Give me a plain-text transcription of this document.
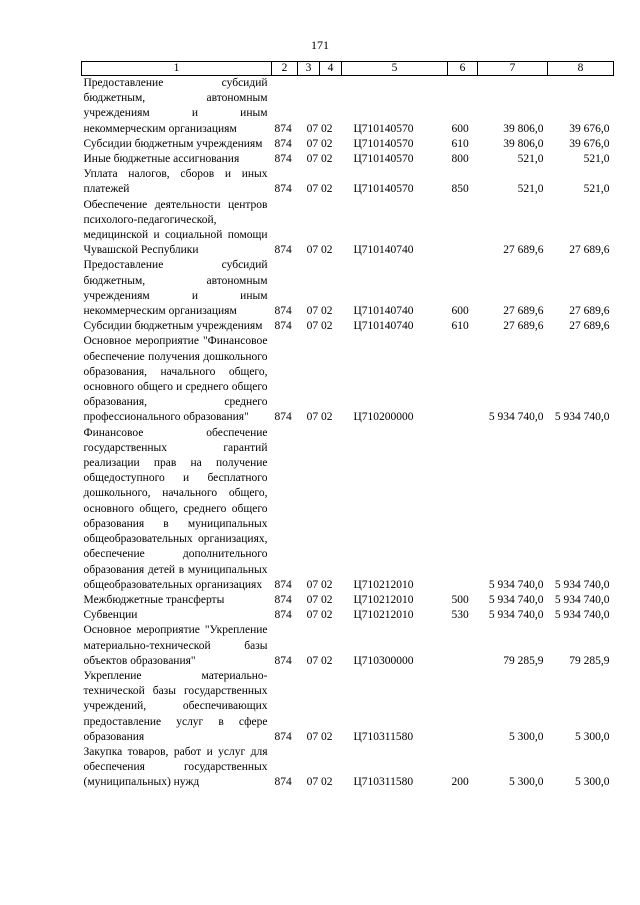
171
1	2	3	4	5	6	7	8
Предоставление субсидий бюджетным, автономным учреждениям и иным некоммерческим организациям	874	07 02		Ц710140570	600	39 806,0	39 676,0
Субсидии бюджетным учреждениям	874	07 02		Ц710140570	610	39 806,0	39 676,0
Иные бюджетные ассигнования	874	07 02		Ц710140570	800	521,0	521,0
Уплата налогов, сборов и иных платежей	874	07 02		Ц710140570	850	521,0	521,0
Обеспечение деятельности центров психолого-педагогической, медицинской и социальной помощи Чувашской Республики	874	07 02		Ц710140740		27 689,6	27 689,6
Предоставление субсидий бюджетным, автономным учреждениям и иным некоммерческим организациям	874	07 02		Ц710140740	600	27 689,6	27 689,6
Субсидии бюджетным учреждениям	874	07 02		Ц710140740	610	27 689,6	27 689,6
Основное мероприятие "Финансовое обеспечение получения дошкольного образования, начального общего, основного общего и среднего общего образования, среднего профессионального образования"	874	07 02		Ц710200000		5 934 740,0	5 934 740,0
Финансовое обеспечение государственных гарантий реализации прав на получение общедоступного и бесплатного дошкольного, начального общего, основного общего, среднего общего образования в муниципальных общеобразовательных организациях, обеспечение дополнительного образования детей в муниципальных общеобразовательных организациях	874	07 02		Ц710212010		5 934 740,0	5 934 740,0
Межбюджетные трансферты	874	07 02		Ц710212010	500	5 934 740,0	5 934 740,0
Субвенции	874	07 02		Ц710212010	530	5 934 740,0	5 934 740,0
Основное мероприятие "Укрепление материально-технической базы объектов образования"	874	07 02		Ц710300000		79 285,9	79 285,9
Укрепление материально-технической базы государственных учреждений, обеспечивающих предоставление услуг в сфере образования	874	07 02		Ц710311580		5 300,0	5 300,0
Закупка товаров, работ и услуг для обеспечения государственных (муниципальных) нужд	874	07 02		Ц710311580	200	5 300,0	5 300,0
